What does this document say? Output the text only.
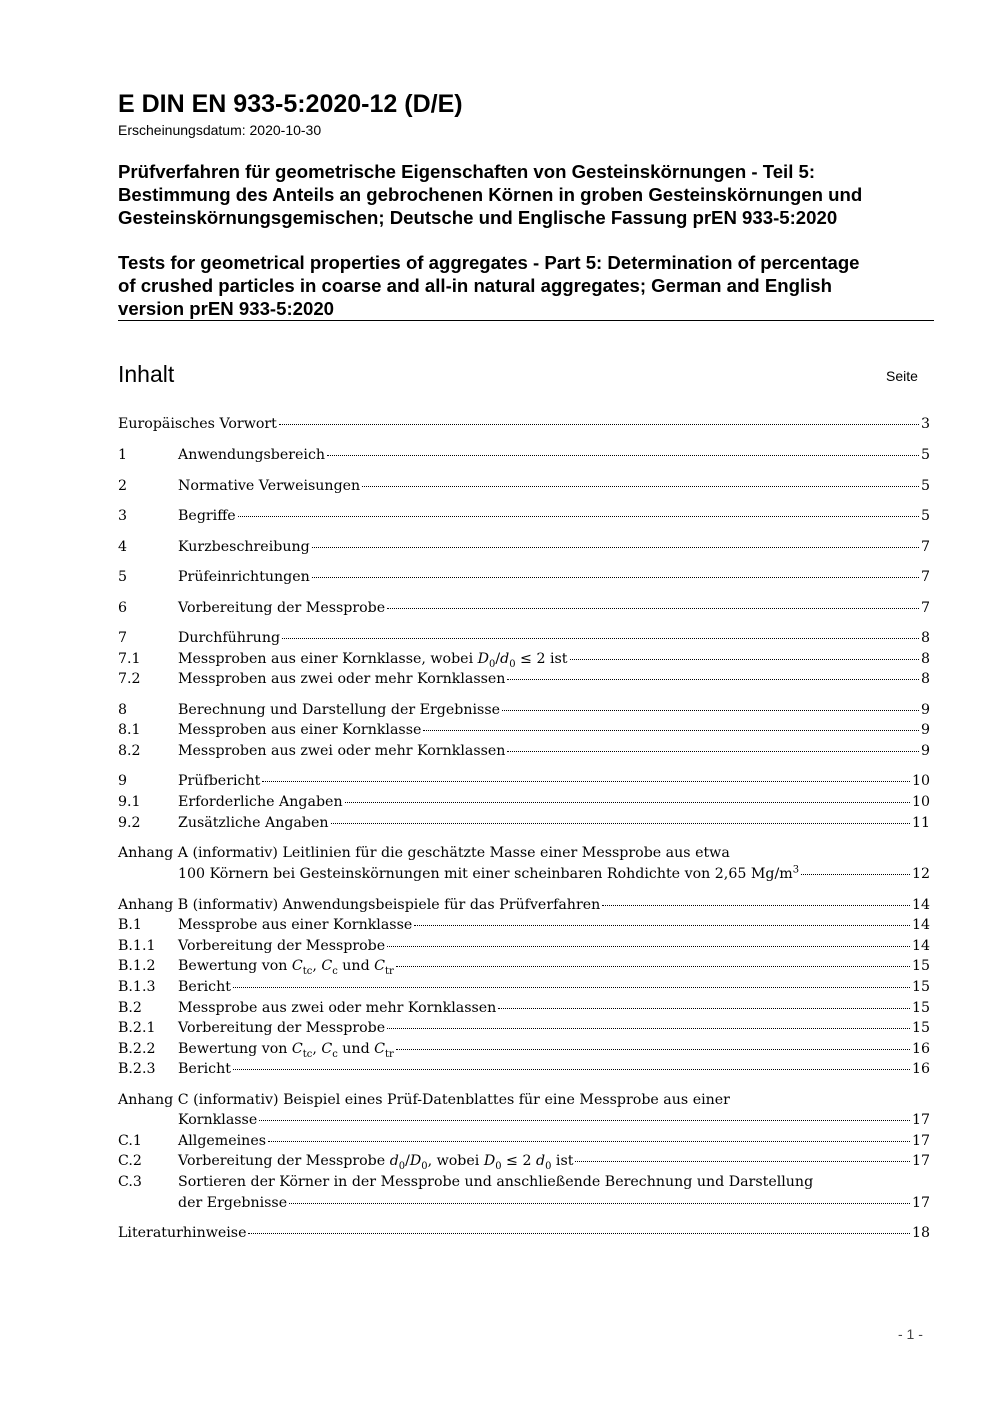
E DIN EN 933-5:2020-12 (D/E)
Erscheinungsdatum: 2020-10-30
Prüfverfahren für geometrische Eigenschaften von Gesteinskörnungen - Teil 5:
Bestimmung des Anteils an gebrochenen Körnen in groben Gesteinskörnungen und
Gesteinskörnungsgemischen; Deutsche und Englische Fassung prEN 933-5:2020
Tests for geometrical properties of aggregates - Part 5: Determination of percentage
of crushed particles in coarse and all-in natural aggregates; German and English
version prEN 933-5:2020
Inhalt	Seite
Europäisches Vorwort	3
1	Anwendungsbereich	5
2	Normative Verweisungen	5
3	Begriffe	5
4	Kurzbeschreibung	7
5	Prüfeinrichtungen	7
6	Vorbereitung der Messprobe	7
7	Durchführung	8
7.1	Messproben aus einer Kornklasse, wobei $D_0/d_0 \le 2$ ist	8
7.2	Messproben aus zwei oder mehr Kornklassen	8
8	Berechnung und Darstellung der Ergebnisse	9
8.1	Messproben aus einer Kornklasse	9
8.2	Messproben aus zwei oder mehr Kornklassen	9
9	Prüfbericht	10
9.1	Erforderliche Angaben	10
9.2	Zusätzliche Angaben	11
Anhang A (informativ) Leitlinien für die geschätzte Masse einer Messprobe aus etwa
100 Körnern bei Gesteinskörnungen mit einer scheinbaren Rohdichte von 2,65 $Mg/m^3$	12
Anhang B (informativ) Anwendungsbeispiele für das Prüfverfahren	14
B.1	Messprobe aus einer Kornklasse	14
B.1.1	Vorbereitung der Messprobe	14
B.1.2	Bewertung von $C_{tc}$, $C_c$ und $C_{tr}$	15
B.1.3	Bericht	15
B.2	Messprobe aus zwei oder mehr Kornklassen	15
B.2.1	Vorbereitung der Messprobe	15
B.2.2	Bewertung von $C_{tc}$, $C_c$ und $C_{tr}$	16
B.2.3	Bericht	16
Anhang C (informativ) Beispiel eines Prüf-Datenblattes für eine Messprobe aus einer
Kornklasse	17
C.1	Allgemeines	17
C.2	Vorbereitung der Messprobe $d_0/D_0$, wobei $D_0 \le 2$ $d_0$ ist	17
C.3	Sortieren der Körner in der Messprobe und anschließende Berechnung und Darstellung
der Ergebnisse	17
Literaturhinweise	18
- 1 -
